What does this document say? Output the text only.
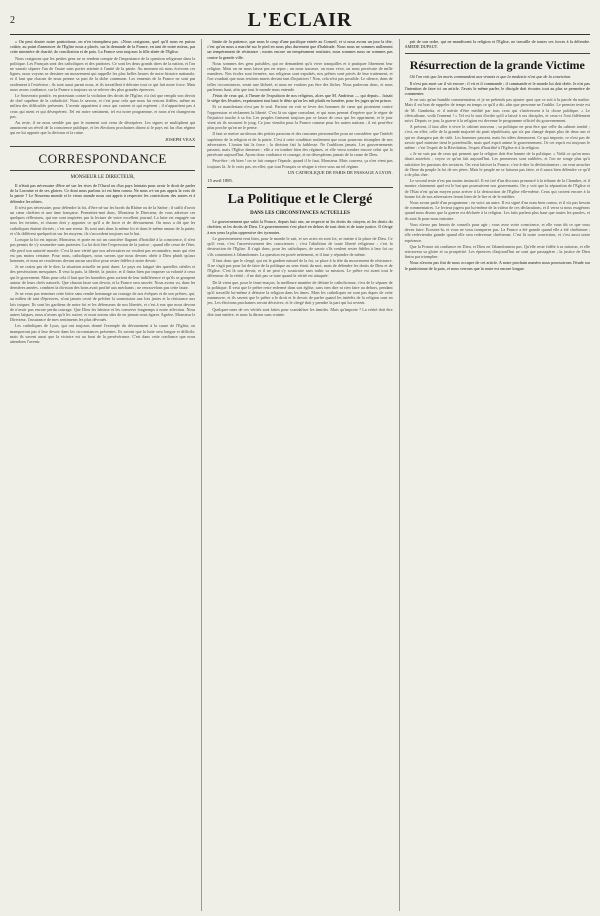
2	L'ECLAIR

« On peut douter notre patriotisme, on n'en triomphera pas. »Nous craignons, quel qu'il nous en puisse coûter, au point d'annoncer de l'Eglise nous a placés, sur la demande de la France, en tant de notre mieux, par cette ministère de charité, de conciliation et de paix. La France sera toujours la fille aînée de l'Eglise.

Nous craignons que les petites gens ne se rendent compte de l'importance de la question religieuse dans la politique. Les Français sont des catholiques et des patriotes. Ce sont les deux grands titres de la nation, et l'on ne saurait séparer l'un de l'autre sans porter atteinte à l'unité de la patrie. Au moment où nous écrivons ces lignes, nous voyons se dessiner un mouvement qui rappelle les plus belles heures de notre histoire nationale, et il faut que chacun de nous prenne sa part de la tâche commune. Les ennemis de la France ne sont pas seulement à l'extérieur ; ils sont aussi parmi nous, et ils travaillent à détruire tout ce qui fait notre force. Mais nous avons confiance, car la France a toujours su se relever des plus grandes épreuves.

Le Souverain pontife, en protestant contre la violation des droits de l'Eglise, n'a fait que remplir son devoir de chef suprême de la catholicité. Nous le savons, et c'est pour cela que nous lui restons fidèles, même au milieu des difficultés présentes. L'avenir appartient à ceux qui croient et qui espèrent ; il n'appartient pas à ceux qui nient et qui désespèrent. Tel est notre sentiment, tel est notre programme, et nous n'en changerons pas.

Au reste, il ne nous semble pas que le moment soit venu de désespérer. Les signes se multiplient qui annoncent un réveil de la conscience publique, et les élections prochaines diront si le pays est las d'un régime qui ne lui apporte que la division et la ruine.

JOSEPH VEAX
CORRESPONDANCE
MONSIEUR LE DIRECTEUR,

Il n'était pas nécessaire d'être né sur les rives de l'Oural ou d'un pays lointain pour avoir le droit de parler de la Lorraine et de ses gloires. Ce dont nous parlons ici est bien connu. Ne nous a-t-on pas appris la voix de la patrie ? Le Nouveau monde et le vieux monde nous ont appris à respecter les convictions des autres et à défendre les nôtres.

Il n'est pas nécessaire, pour défendre la foi, d'être né sur les bords du Rhône ou de la Saône ; il suffit d'avoir un cœur chrétien et une âme française. Permettez-moi donc, Monsieur le Directeur, de vous adresser ces quelques réflexions, qui me sont inspirées par la lecture de votre excellent journal. La lutte est engagée sur tous les terrains, et chacun doit y apporter ce qu'il a de force et de dévouement. On nous a dit que les catholiques étaient divisés ; c'est une erreur. Ils sont unis dans la même foi et dans le même amour de la patrie, et s'ils diffèrent quelquefois sur les moyens, ils s'accordent toujours sur le but.

Lorsque la loi est injuste, Monsieur, et porte en soi un caractère flagrant d'hostilité à la conscience, il n'est pas permis de s'y soumettre sans protester. La loi doit être l'expression de la justice ; quand elle cesse de l'être, elle perd son autorité morale. C'est là une vérité que nos adversaires ne veulent pas reconnaître, mais qui n'en est pas moins certaine. Pour nous, catholiques, nous savons que nous devons obéir à Dieu plutôt qu'aux hommes, et nous ne reculerons devant aucun sacrifice pour rester fidèles à notre devoir.

Je ne crains pas de le dire, la situation actuelle ne peut durer. Le pays est fatigué des querelles stériles et des persécutions mesquines. Il veut la paix, la liberté, la justice, et il finira bien par imposer sa volonté à ceux qui le gouvernent. Mais pour cela il faut que les honnêtes gens sortent de leur indifférence et qu'ils se groupent autour de leurs chefs naturels. Que chacun fasse son devoir, et la France sera sauvée. Nous avons vu, dans les dernières années, combien la division des bons avait profité aux méchants ; ne renouvelons pas cette faute.

Je ne veux pas terminer cette lettre sans rendre hommage au courage de nos évêques et de nos prêtres, qui, au milieu de tant d'épreuves, n'ont jamais cessé de prêcher la soumission aux lois justes et la résistance aux lois iniques. Ils sont les gardiens de notre foi et les défenseurs de nos libertés, et c'est à eux que nous devons de n'avoir pas encore perdu courage. Que Dieu les bénisse et les conserve longtemps à notre affection. Nous autres laïques, nous n'avons qu'à les suivre, et nous serons sûrs de ne jamais nous égarer. Agréez, Monsieur le Directeur, l'assurance de mes sentiments les plus dévoués.

Les catholiques de Lyon, qui ont toujours donné l'exemple du dévouement à la cause de l'Eglise, ne manqueront pas à leur devoir dans les circonstances présentes. Ils savent que la lutte sera longue et difficile, mais ils savent aussi que la victoire est au bout de la persévérance. C'est dans cette confiance que nous attendons l'avenir.

limite de la patience, que nous le coup d'une pacifique entrée au Conseil, et si nous avons un jour la tête, c'est qu'on nous a marché sur le pied en nous plus durement que d'habitude. Nous nous ne sommes nullement un tempérament de résistance ; moins encore un tempérament routinier, nous sommes nous ne sommes pas contre la grande ville.

Nous sommes des gens paisibles, qui ne demandent qu'à vivre tranquilles et à pratiquer librement leur religion. Mais on ne nous laisse pas en repos ; on nous tracasse, on nous vexe, on nous persécute de mille manières. Nos écoles sont fermées, nos religieux sont expulsés, nos prêtres sont privés de leur traitement, et l'on voudrait que nous restions muets devant tant d'injustices ! Non, cela n'est pas possible. Le silence, dans de telles circonstances, serait une lâcheté, et nous ne voulons pas être des lâches. Nous parlerons donc, et nous parlerons haut, afin que tout le monde nous entende.

J'étais de ceux qui, à l'heure de l'expulsion de nos religieux, alors que M. Andrieux — qui depuis... faisait le siège des Jésuites, exprimaient tout haut le désir qu'on les mît plutôt en lumière, pour les juger qu'en prison.

Et ce manifestant n'est pas le seul. Partout on voit se lever des hommes de cœur qui protestent contre l'oppression et réclament la liberté. C'est là un signe consolant, et qui nous permet d'espérer que le règne de l'injustice touche à sa fin. Les peuples finissent toujours par se lasser de ceux qui les oppriment, et le jour vient où ils secouent le joug. Ce jour viendra pour la France comme pour les autres nations ; il est peut-être plus proche qu'on ne le pense.

Il faut se mettre au-dessus des petites passions et des rancunes personnelles pour ne considérer que l'intérêt supérieur de la religion et de la patrie. C'est à cette condition seulement que nous pourrons triompher de nos adversaires. L'union fait la force ; la division fait la faiblesse. Ne l'oublions jamais. Les gouvernements passent, mais l'Eglise demeure ; elle a vu tomber bien des régimes, et elle verra tomber encore celui qui la persécute aujourd'hui. Ayons donc confiance et courage, et ne désespérons jamais de la cause de Dieu.

Peut-être : eh bien ! on se fait rompre l'épaule, quand il le faut, Monsieur. Mais couvrez, ça n'en vient pas toujours là. Je le crois pas, en effet, que tout Français se résigne à vivre sous un tel régime.

UN CATHOLIQUE DE PARIS DE PASSAGE A LYON.
15 avril 1885.
La Politique et le Clergé
DANS LES CIRCONSTANCES ACTUELLES

Le gouvernement que subit la France, depuis huit ans, ne respecte ni les droits du citoyen, ni les droits du chrétien, ni les droits de Dieu. Ce gouvernement s'est placé en dehors de tout droit et de toute justice. Il s'érige à nos yeux la plus oppressive des tyrannies.

Le gouvernement veut bien, pour le monde le sait, et ses actes en sont foi, se mettre à la place de Dieu. Ce qu'il veut, c'est l'asservissement des consciences ; c'est l'abolition de toute liberté religieuse ; c'est la destruction de l'Eglise. Il s'agit donc, pour les catholiques, de savoir s'ils veulent rester fidèles à leur foi ou s'ils consentent à l'abandonner. La question est posée nettement, et il faut y répondre de même.

Il faut donc que le clergé, qui est le gardien naturel de la foi, se place à la tête du mouvement de résistance. Il ne s'agit pas pour lui de faire de la politique au sens étroit du mot, mais de défendre les droits de Dieu et de l'Eglise. C'est là son devoir, et il ne peut s'y soustraire sans trahir sa mission. Le prêtre est avant tout le défenseur de la vérité ; il ne doit pas se taire quand la vérité est attaquée.

De là vient que, pour le franc-maçon, la meilleure manière de défaire le catholicisme, c'est de le séparer de la politique. Il veut que le prêtre reste enfermé dans son église, sans rien dire ni rien faire au dehors, pendant qu'il travaille lui-même à détruire la religion dans les âmes. Mais les catholiques ne sont pas dupes de cette manœuvre, et ils savent que le prêtre a le droit et le devoir de parler quand les intérêts de la religion sont en jeu. Les élections prochaines seront décisives, et le clergé doit y prendre la part qui lui revient.

Quelques-unes de ces vérités sont faites pour scandaliser les timides. Mais qu'importe ? La vérité doit être dite tout entière, et nous la dirons sans crainte.

prit de son ordre, qui ne maudissent la religion et l'Eglise, ne travaille de toutes ses forces à la défendre. AMEDE DUPAUT.

Résurrection de la grande Victime

Oû l'on voit que les morts commandent aux vivants et que la modestie n'est que de la conviction.

Il n'est pas mort car il vit encore ; il vit et il commande ; il commande et le monde lui doit obéir. Je n'ai pas l'intention de faire ici un article. J'avais le même parler, le disciple doit écouter, tout au plus se permettre de commenter.

Je ne suis qu'un humble commentateur, et je ne prétends pas ajouter quoi que ce soit à la parole du maître. Mais il est bon de rappeler de temps en temps ce qu'il a dit, afin que personne ne l'oublie. Le premier texte est de M. Gambetta, et il mérite d'être médité par tous ceux qui s'intéressent à la chose publique. « Le cléricalisme, voilà l'ennemi ! » Tel est le mot d'ordre qu'il a laissé à ses disciples, et ceux-ci l'ont fidèlement suivi. Depuis ce jour, la guerre à la religion est devenue le programme officiel du gouvernement.

A présent, il faut aller à vivre le cabinet nouveau ; sa politique ne peut être que celle du cabinet tombé ; c'est, en effet, celle de la grande majorité du parti républicain, qui n'a pas changé depuis plus de deux ans et qui ne changera pas de sitôt. Les hommes passent, mais les idées demeurent. Ce qui importe, ce n'est pas de savoir quel ministre tient le portefeuille, mais quel esprit anime le gouvernement. Or cet esprit est toujours le même : c'est l'esprit de la Révolution, l'esprit d'hostilité à l'Eglise et à la religion.

« Je ne suis pas de ceux qui pensent que la religion doit être bannie de la politique. » Voilà ce qu'on nous disait autrefois ; voyez ce qu'on fait aujourd'hui. Les promesses sont oubliées, et l'on ne songe plus qu'à satisfaire les passions des sectaires. On veut laïciser la France, c'est-à-dire la déchristianiser ; on veut arracher de l'âme du peuple la foi de ses pères. Mais le peuple ne se laissera pas faire, et il saura bien défendre ce qu'il a de plus cher.

Le second texte n'est pas moins instructif. Il est tiré d'un discours prononcé à la tribune de la Chambre, et il montre clairement quel est le but que poursuivent nos gouvernants. On y voit que la séparation de l'Eglise et de l'Etat n'est qu'un moyen pour arriver à la destruction de l'Eglise elle-même. Ceux qui croient encore à la bonne foi de nos adversaires feront bien de le lire et de le méditer.

Nous avons parlé d'un programme ; en voici un autre. Il est signé d'un nom bien connu, et il n'a pas besoin de commentaires. Le lecteur jugera par lui-même de la valeur de ces déclarations, et il verra si nous exagérons quand nous disons que la guerre est déclarée à la religion. Les faits parlent plus haut que toutes les paroles, et ils sont là pour nous instruire.

Vous n'avez pas besoin de conseils pour agir ; vous avez votre conscience, et elle vous dit ce que vous devez faire. Ecoutez-la, et vous ne vous tromperez pas. La France a été grande quand elle a été chrétienne ; elle redeviendra grande quand elle sera redevenue chrétienne. C'est là notre conviction, et c'est aussi notre espérance.

Que la France ait confiance en Dieu, et Dieu ne l'abandonnera pas. Qu'elle reste fidèle à sa mission, et elle retrouvera sa gloire et sa prospérité. Les épreuves d'aujourd'hui ne sont que passagères ; la justice de Dieu finira par triompher.

Nous n'avons pas fini de nous occuper de cet article. A notre prochain numéro nous poursuivons l'étude sur le patriotisme de la paix, et nous verrons que la route est encore longue.
